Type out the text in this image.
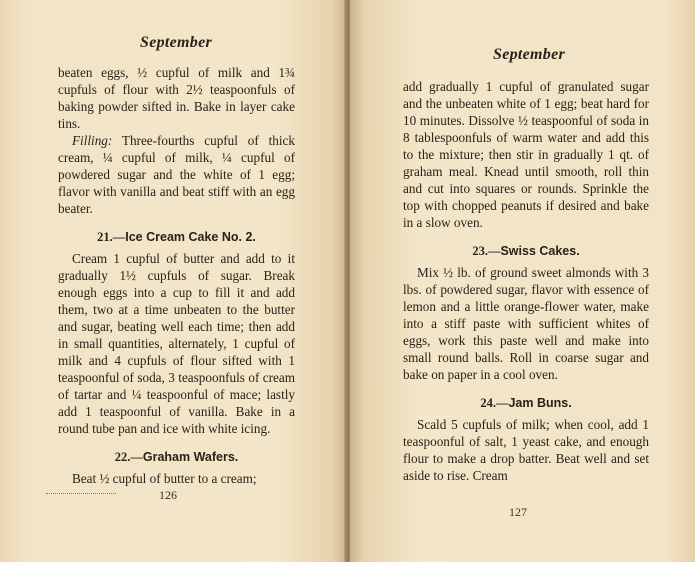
September

beaten eggs, ½ cupful of milk and 1¾ cupfuls of flour with 2½ teaspoonfuls of baking powder sifted in. Bake in layer cake tins.

Filling: Three-fourths cupful of thick cream, ¼ cupful of milk, ¼ cupful of powdered sugar and the white of 1 egg; flavor with vanilla and beat stiff with an egg beater.

21.—Ice Cream Cake No. 2.

Cream 1 cupful of butter and add to it gradually 1½ cupfuls of sugar. Break enough eggs into a cup to fill it and add them, two at a time unbeaten to the butter and sugar, beating well each time; then add in small quantities, alternately, 1 cupful of milk and 4 cupfuls of flour sifted with 1 teaspoonful of soda, 3 teaspoonfuls of cream of tartar and ¼ teaspoonful of mace; lastly add 1 teaspoonful of vanilla. Bake in a round tube pan and ice with white icing.

22.—Graham Wafers.

Beat ½ cupful of butter to a cream;

126
September

add gradually 1 cupful of granulated sugar and the unbeaten white of 1 egg; beat hard for 10 minutes. Dissolve ½ teaspoonful of soda in 8 tablespoonfuls of warm water and add this to the mixture; then stir in gradually 1 qt. of graham meal. Knead until smooth, roll thin and cut into squares or rounds. Sprinkle the top with chopped peanuts if desired and bake in a slow oven.

23.—Swiss Cakes.

Mix ½ lb. of ground sweet almonds with 3 lbs. of powdered sugar, flavor with essence of lemon and a little orange-flower water, make into a stiff paste with sufficient whites of eggs, work this paste well and make into small round balls. Roll in coarse sugar and bake on paper in a cool oven.

24.—Jam Buns.

Scald 5 cupfuls of milk; when cool, add 1 teaspoonful of salt, 1 yeast cake, and enough flour to make a drop batter. Beat well and set aside to rise. Cream

127
